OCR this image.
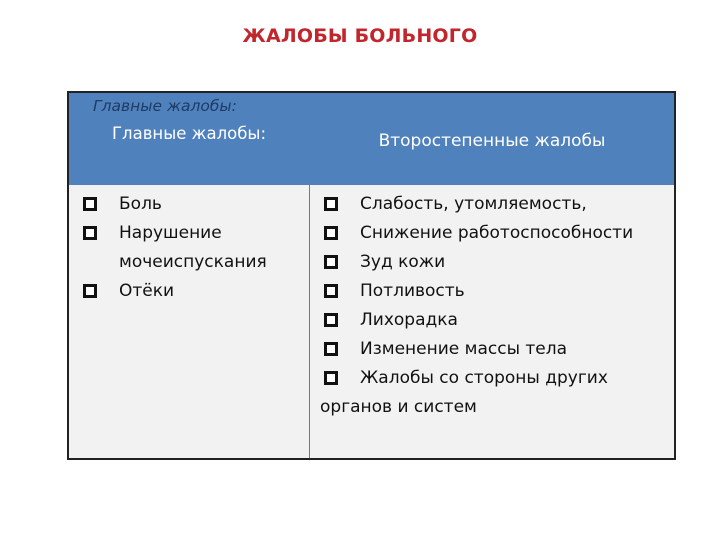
ЖАЛОБЫ БОЛЬНОГО
Главные жалобы:
Главные жалобы:	Второстепенные жалобы
Боль
Нарушение мочеиспускания
Отёки
Слабость, утомляемость,
Снижение работоспособности
Зуд кожи
Потливость
Лихорадка
Изменение массы тела
Жалобы со стороны других органов и систем
